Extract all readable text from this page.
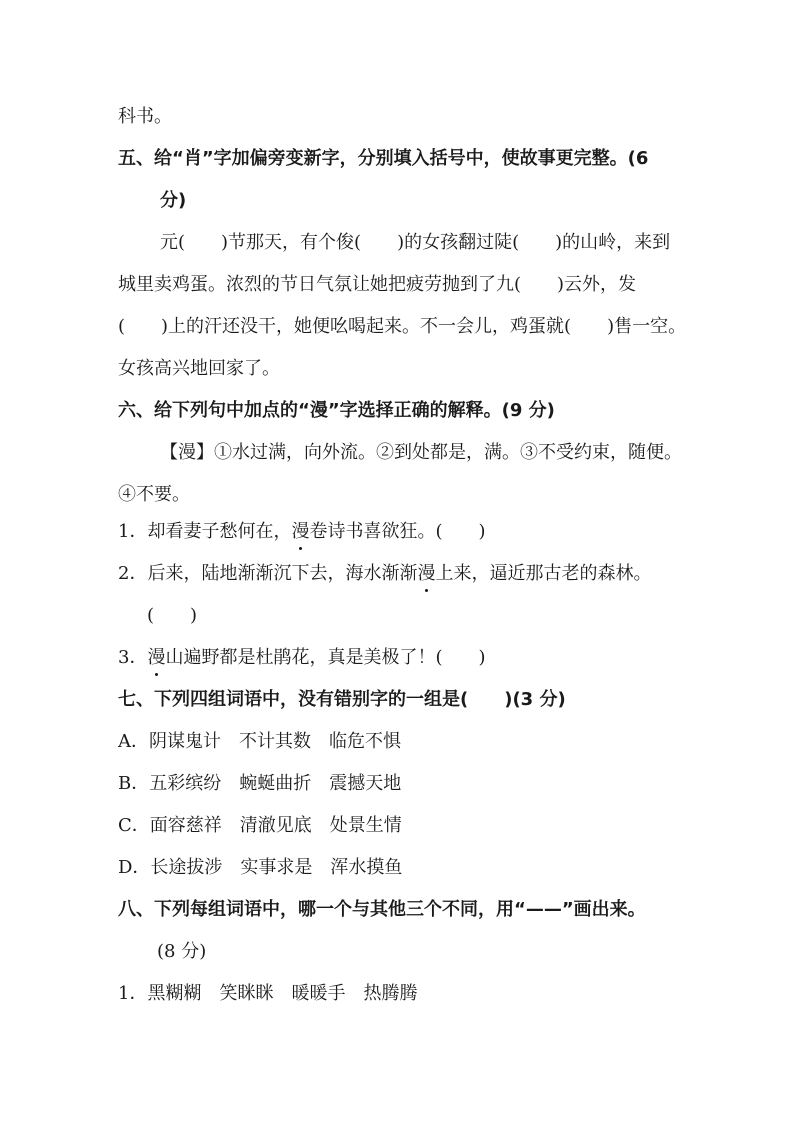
科书。
五、给“肖”字加偏旁变新字，分别填入括号中，使故事更完整。(6
分)
元(　　)节那天，有个俊(　　)的女孩翻过陡(　　)的山岭，来到
城里卖鸡蛋。浓烈的节日气氛让她把疲劳抛到了九(　　)云外，发
(　　)上的汗还没干，她便吆喝起来。不一会儿，鸡蛋就(　　)售一空。
女孩高兴地回家了。
六、给下列句中加点的“漫”字选择正确的解释。(9 分)
【漫】①水过满，向外流。②到处都是，满。③不受约束，随便。
④不要。
1．却看妻子愁何在，漫卷诗书喜欲狂。(　　)
2．后来，陆地渐渐沉下去，海水渐渐漫上来，逼近那古老的森林。
(　　)
3．漫山遍野都是杜鹃花，真是美极了！(　　)
七、下列四组词语中，没有错别字的一组是(　　)(3 分)
A．阴谋鬼计　不计其数　临危不惧
B．五彩缤纷　蜿蜒曲折　震撼天地
C．面容慈祥　清澈见底　处景生情
D．长途拔涉　实事求是　浑水摸鱼
八、下列每组词语中，哪一个与其他三个不同，用“——”画出来。
(8 分)
1．黑糊糊　笑眯眯　暖暖手　热腾腾
